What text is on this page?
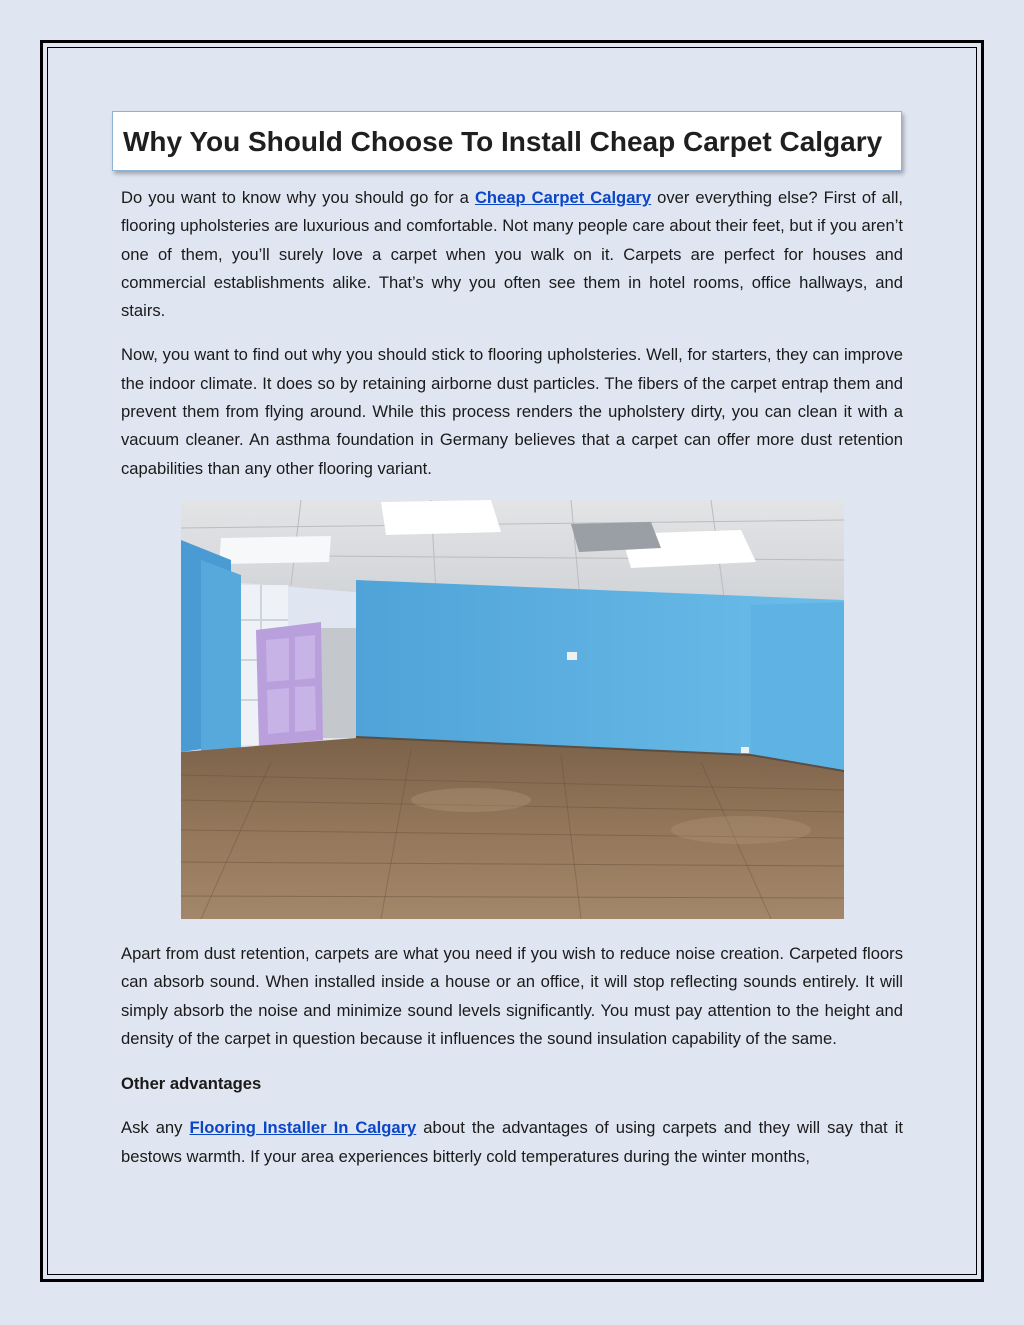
Why You Should Choose To Install Cheap Carpet Calgary

Do you want to know why you should go for a Cheap Carpet Calgary over everything else? First of all, flooring upholsteries are luxurious and comfortable. Not many people care about their feet, but if you aren’t one of them, you’ll surely love a carpet when you walk on it. Carpets are perfect for houses and commercial establishments alike. That’s why you often see them in hotel rooms, office hallways, and stairs.

Now, you want to find out why you should stick to flooring upholsteries. Well, for starters, they can improve the indoor climate. It does so by retaining airborne dust particles. The fibers of the carpet entrap them and prevent them from flying around. While this process renders the upholstery dirty, you can clean it with a vacuum cleaner. An asthma foundation in Germany believes that a carpet can offer more dust retention capabilities than any other flooring variant.

Apart from dust retention, carpets are what you need if you wish to reduce noise creation. Carpeted floors can absorb sound. When installed inside a house or an office, it will stop reflecting sounds entirely. It will simply absorb the noise and minimize sound levels significantly. You must pay attention to the height and density of the carpet in question because it influences the sound insulation capability of the same.

Other advantages

Ask any Flooring Installer In Calgary about the advantages of using carpets and they will say that it bestows warmth. If your area experiences bitterly cold temperatures during the winter months,
